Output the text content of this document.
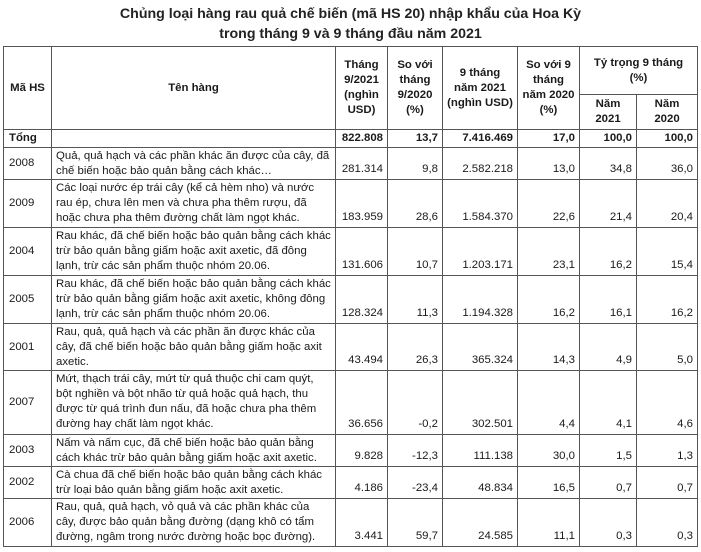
Chủng loại hàng rau quả chế biến (mã HS 20) nhập khẩu của Hoa Kỳ
trong tháng 9 và 9 tháng đầu năm 2021
Mã HS	Tên hàng	Tháng 9/2021 (nghìn USD)	So với tháng 9/2020 (%)	9 tháng năm 2021 (nghìn USD)	So với 9 tháng năm 2020 (%)	Tỷ trọng 9 tháng (%)	
						Năm 2021	Năm 2020
Tổng		822.808	13,7	7.416.469	17,0	100,0	100,0
2008	Quả, quả hạch và các phần khác ăn được của cây, đã chế biến hoặc bảo quản bằng cách khác…	281.314	9,8	2.582.218	13,0	34,8	36,0
2009	Các loại nước ép trái cây (kể cả hèm nho) và nước rau ép, chưa lên men và chưa pha thêm rượu, đã hoặc chưa pha thêm đường chất làm ngọt khác.	183.959	28,6	1.584.370	22,6	21,4	20,4
2004	Rau khác, đã chế biến hoặc bảo quản bằng cách khác trừ bảo quản bằng giấm hoặc axit axetic, đã đông lạnh, trừ các sản phẩm thuộc nhóm 20.06.	131.606	10,7	1.203.171	23,1	16,2	15,4
2005	Rau khác, đã chế biến hoặc bảo quản bằng cách khác trừ bảo quản bằng giấm hoặc axit axetic, không đông lạnh, trừ các sản phẩm thuộc nhóm 20.06.	128.324	11,3	1.194.328	16,2	16,1	16,2
2001	Rau, quả, quả hạch và các phần ăn được khác của cây, đã chế biến hoặc bảo quản bằng giấm hoặc axit axetic.	43.494	26,3	365.324	14,3	4,9	5,0
2007	Mứt, thạch trái cây, mứt từ quả thuộc chi cam quýt, bột nghiền và bột nhão từ quả hoặc quả hạch, thu được từ quá trình đun nấu, đã hoặc chưa pha thêm đường hay chất làm ngọt khác.	36.656	-0,2	302.501	4,4	4,1	4,6
2003	Nấm và nấm cục, đã chế biến hoặc bảo quản bằng cách khác trừ bảo quản bằng giấm hoặc axit axetic.	9.828	-12,3	111.138	30,0	1,5	1,3
2002	Cà chua đã chế biến hoặc bảo quản bằng cách khác trừ loại bảo quản bằng giấm hoặc axit axetic.	4.186	-23,4	48.834	16,5	0,7	0,7
2006	Rau, quả, quả hạch, vỏ quả và các phần khác của cây, được bảo quản bằng đường (dạng khô có tẩm đường, ngâm trong nước đường hoặc bọc đường).	3.441	59,7	24.585	11,1	0,3	0,3
